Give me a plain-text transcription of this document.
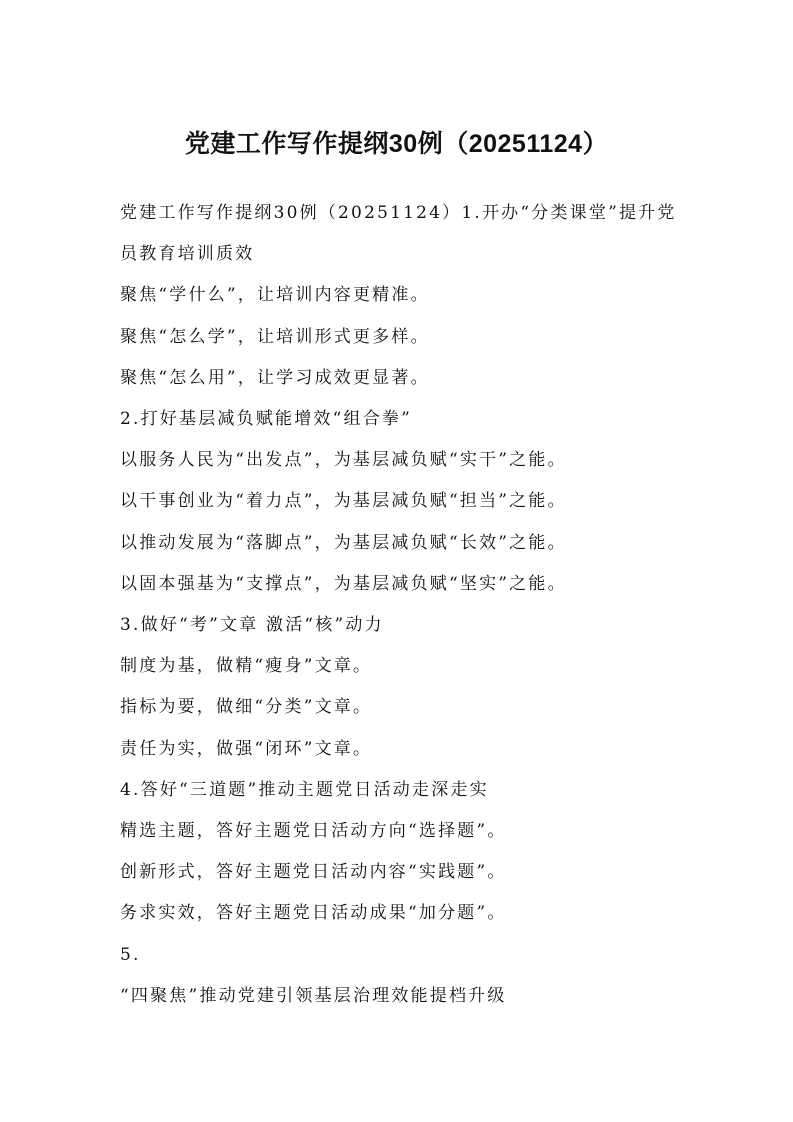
党建工作写作提纲30例（20251124）

党建工作写作提纲30例（20251124）1.开办“分类课堂”提升党员教育培训质效

聚焦“学什么”，让培训内容更精准。

聚焦“怎么学”，让培训形式更多样。

聚焦“怎么用”，让学习成效更显著。

2.打好基层减负赋能增效“组合拳”

以服务人民为“出发点”，为基层减负赋“实干”之能。

以干事创业为“着力点”，为基层减负赋“担当”之能。

以推动发展为“落脚点”，为基层减负赋“长效”之能。

以固本强基为“支撑点”，为基层减负赋“坚实”之能。

3.做好“考”文章 激活“核”动力

制度为基，做精“瘦身”文章。

指标为要，做细“分类”文章。

责任为实，做强“闭环”文章。

4.答好“三道题”推动主题党日活动走深走实

精选主题，答好主题党日活动方向“选择题”。

创新形式，答好主题党日活动内容“实践题”。

务求实效，答好主题党日活动成果“加分题”。

5.

“四聚焦”推动党建引领基层治理效能提档升级
